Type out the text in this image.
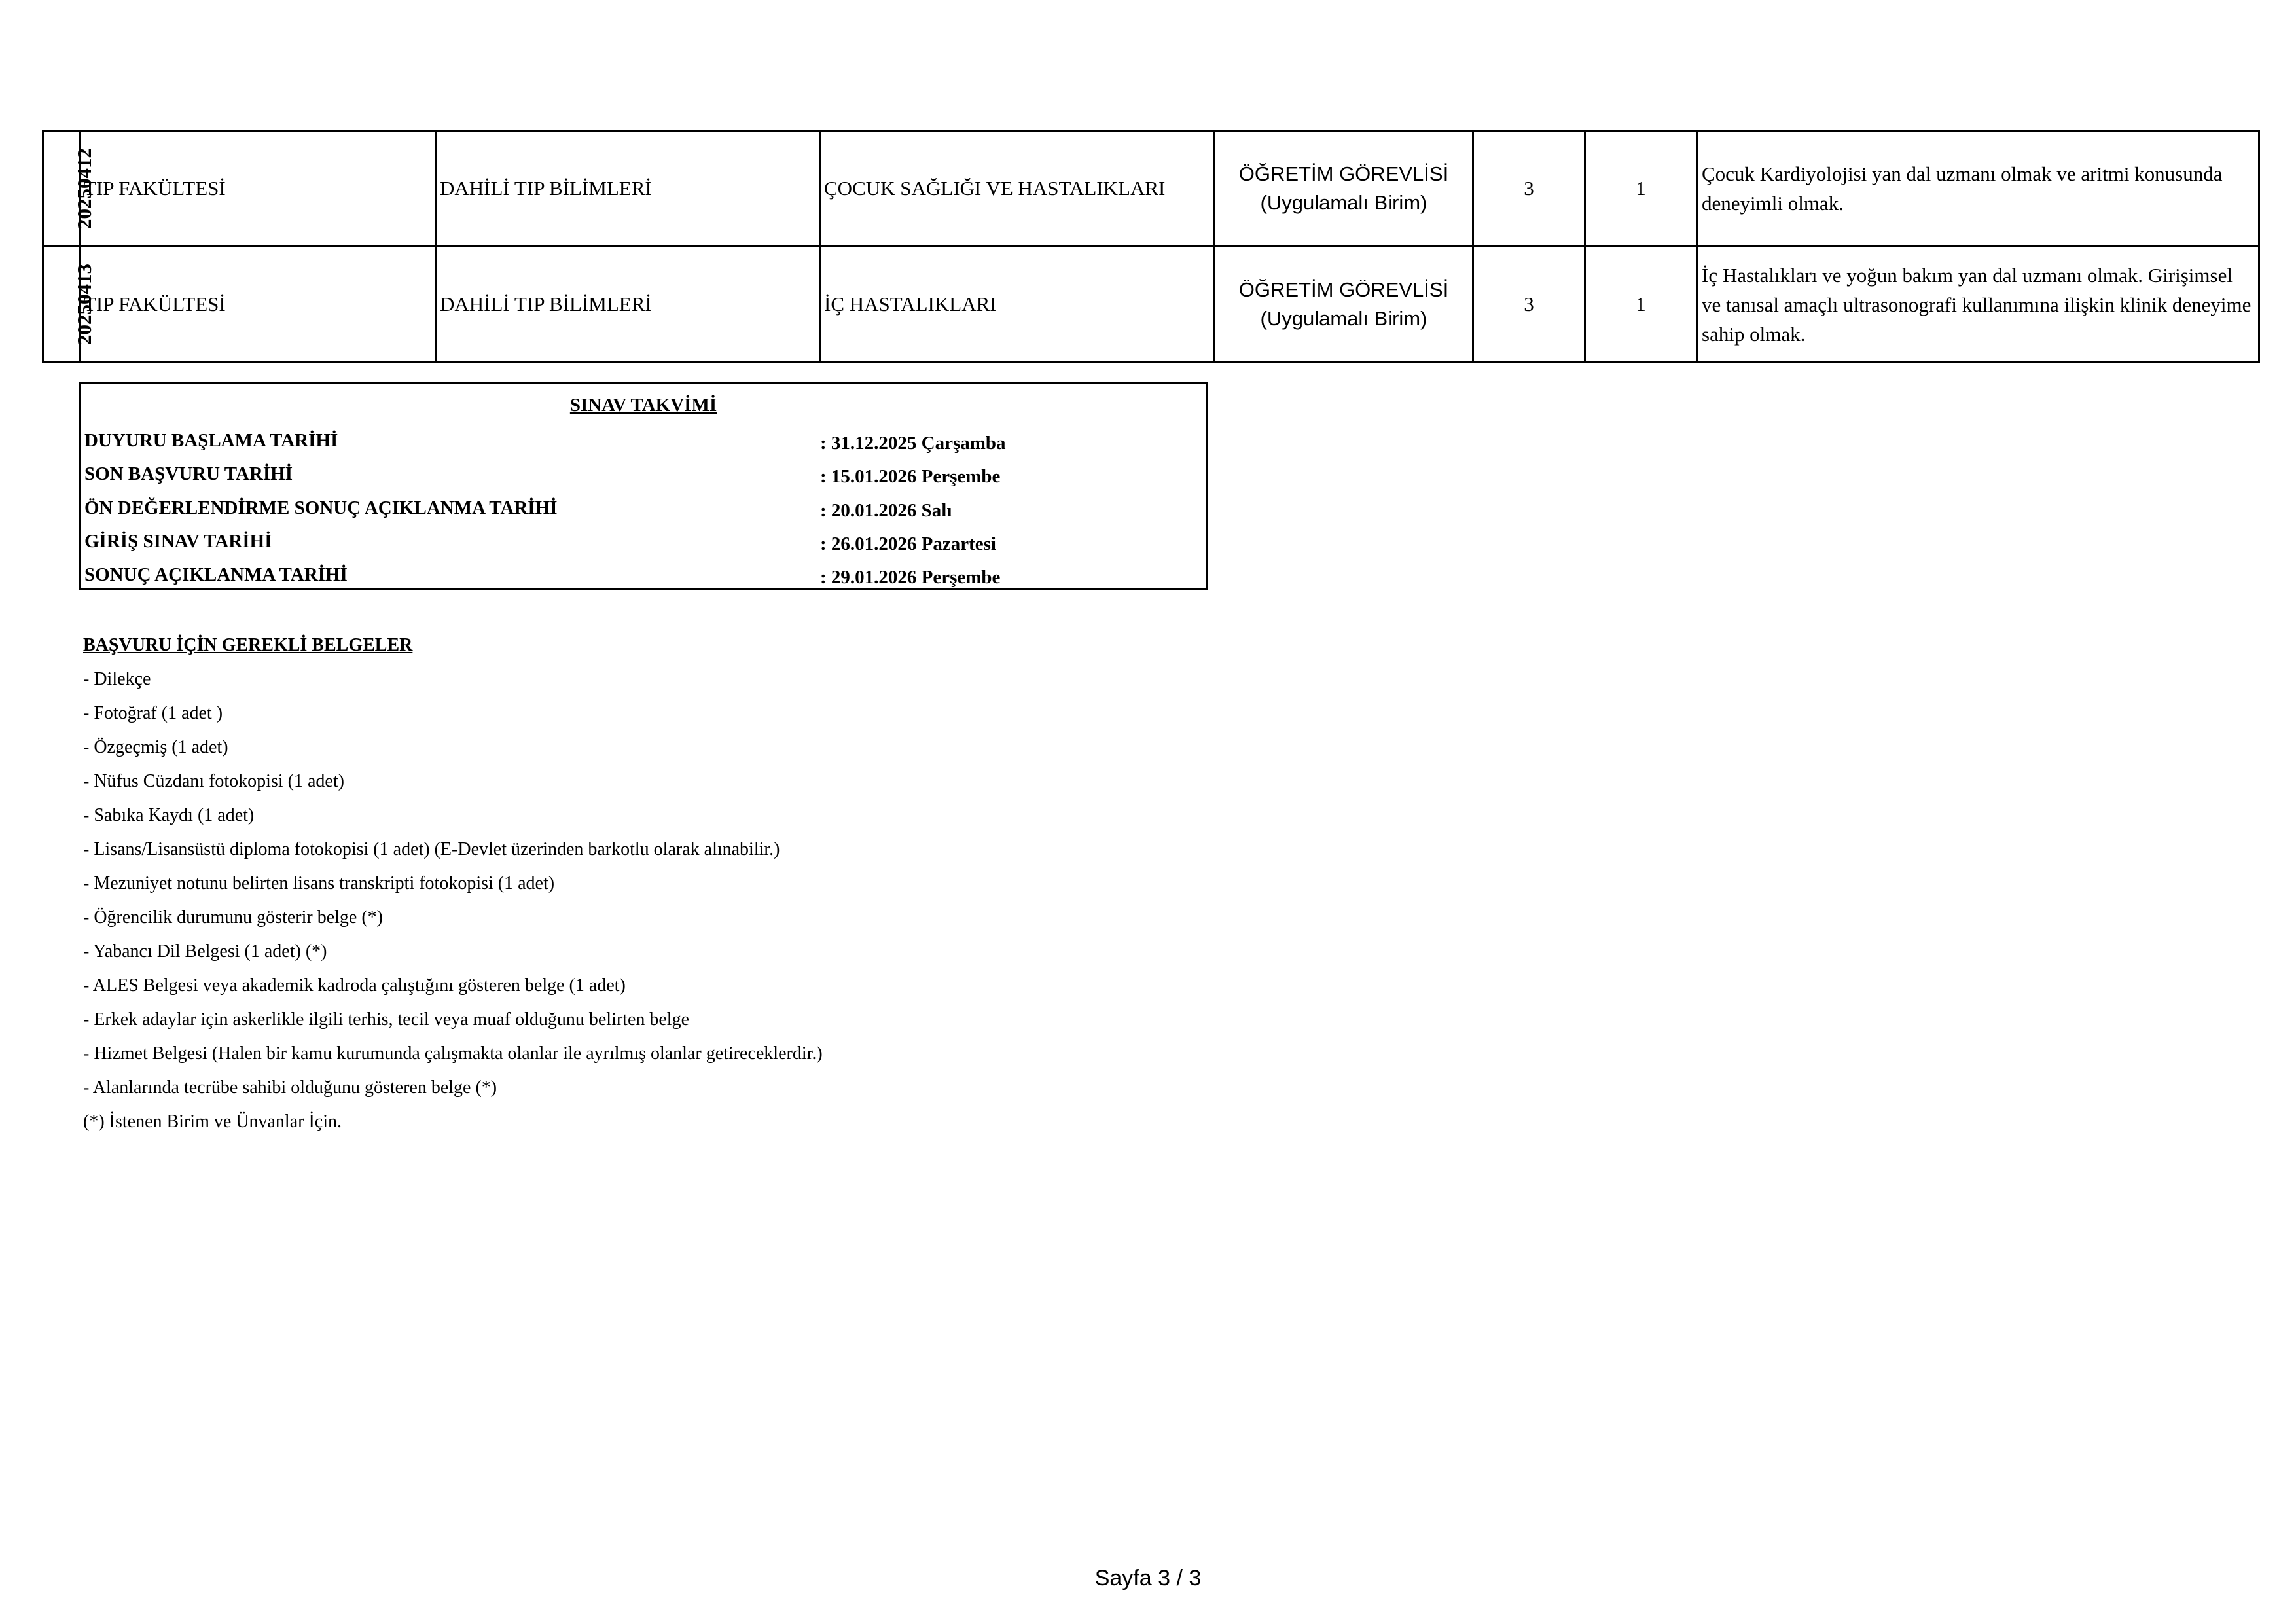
20250412	TIP FAKÜLTESİ	DAHİLİ TIP BİLİMLERİ	ÇOCUK SAĞLIĞI VE HASTALIKLARI	ÖĞRETİM GÖREVLİSİ
(Uygulamalı Birim)	3	1	Çocuk Kardiyolojisi yan dal uzmanı olmak ve aritmi konusunda deneyimli olmak.
20250413	TIP FAKÜLTESİ	DAHİLİ TIP BİLİMLERİ	İÇ HASTALIKLARI	ÖĞRETİM GÖREVLİSİ
(Uygulamalı Birim)	3	1	İç Hastalıkları ve yoğun bakım yan dal uzmanı olmak. Girişimsel ve tanısal amaçlı ultrasonografi kullanımına ilişkin klinik deneyime sahip olmak.
SINAV TAKVİMİ
DUYURU BAŞLAMA TARİHİ	: 31.12.2025 Çarşamba
SON BAŞVURU TARİHİ	: 15.01.2026 Perşembe
ÖN DEĞERLENDİRME SONUÇ AÇIKLANMA TARİHİ	: 20.01.2026 Salı
GİRİŞ SINAV TARİHİ	: 26.01.2026 Pazartesi
SONUÇ AÇIKLANMA TARİHİ	: 29.01.2026 Perşembe
BAŞVURU İÇİN GEREKLİ BELGELER
- Dilekçe
- Fotoğraf (1 adet )
- Özgeçmiş (1 adet)
- Nüfus Cüzdanı fotokopisi (1 adet)
- Sabıka Kaydı (1 adet)
- Lisans/Lisansüstü diploma fotokopisi (1 adet) (E-Devlet üzerinden barkotlu olarak alınabilir.)
- Mezuniyet notunu belirten lisans transkripti fotokopisi (1 adet)
- Öğrencilik durumunu gösterir belge (*)
- Yabancı Dil Belgesi (1 adet) (*)
- ALES Belgesi veya akademik kadroda çalıştığını gösteren belge (1 adet)
- Erkek adaylar için askerlikle ilgili terhis, tecil veya muaf olduğunu belirten belge
- Hizmet Belgesi (Halen bir kamu kurumunda çalışmakta olanlar ile ayrılmış olanlar getireceklerdir.)
- Alanlarında tecrübe sahibi olduğunu gösteren belge (*)
(*) İstenen Birim ve Ünvanlar İçin.
Sayfa 3 / 3
